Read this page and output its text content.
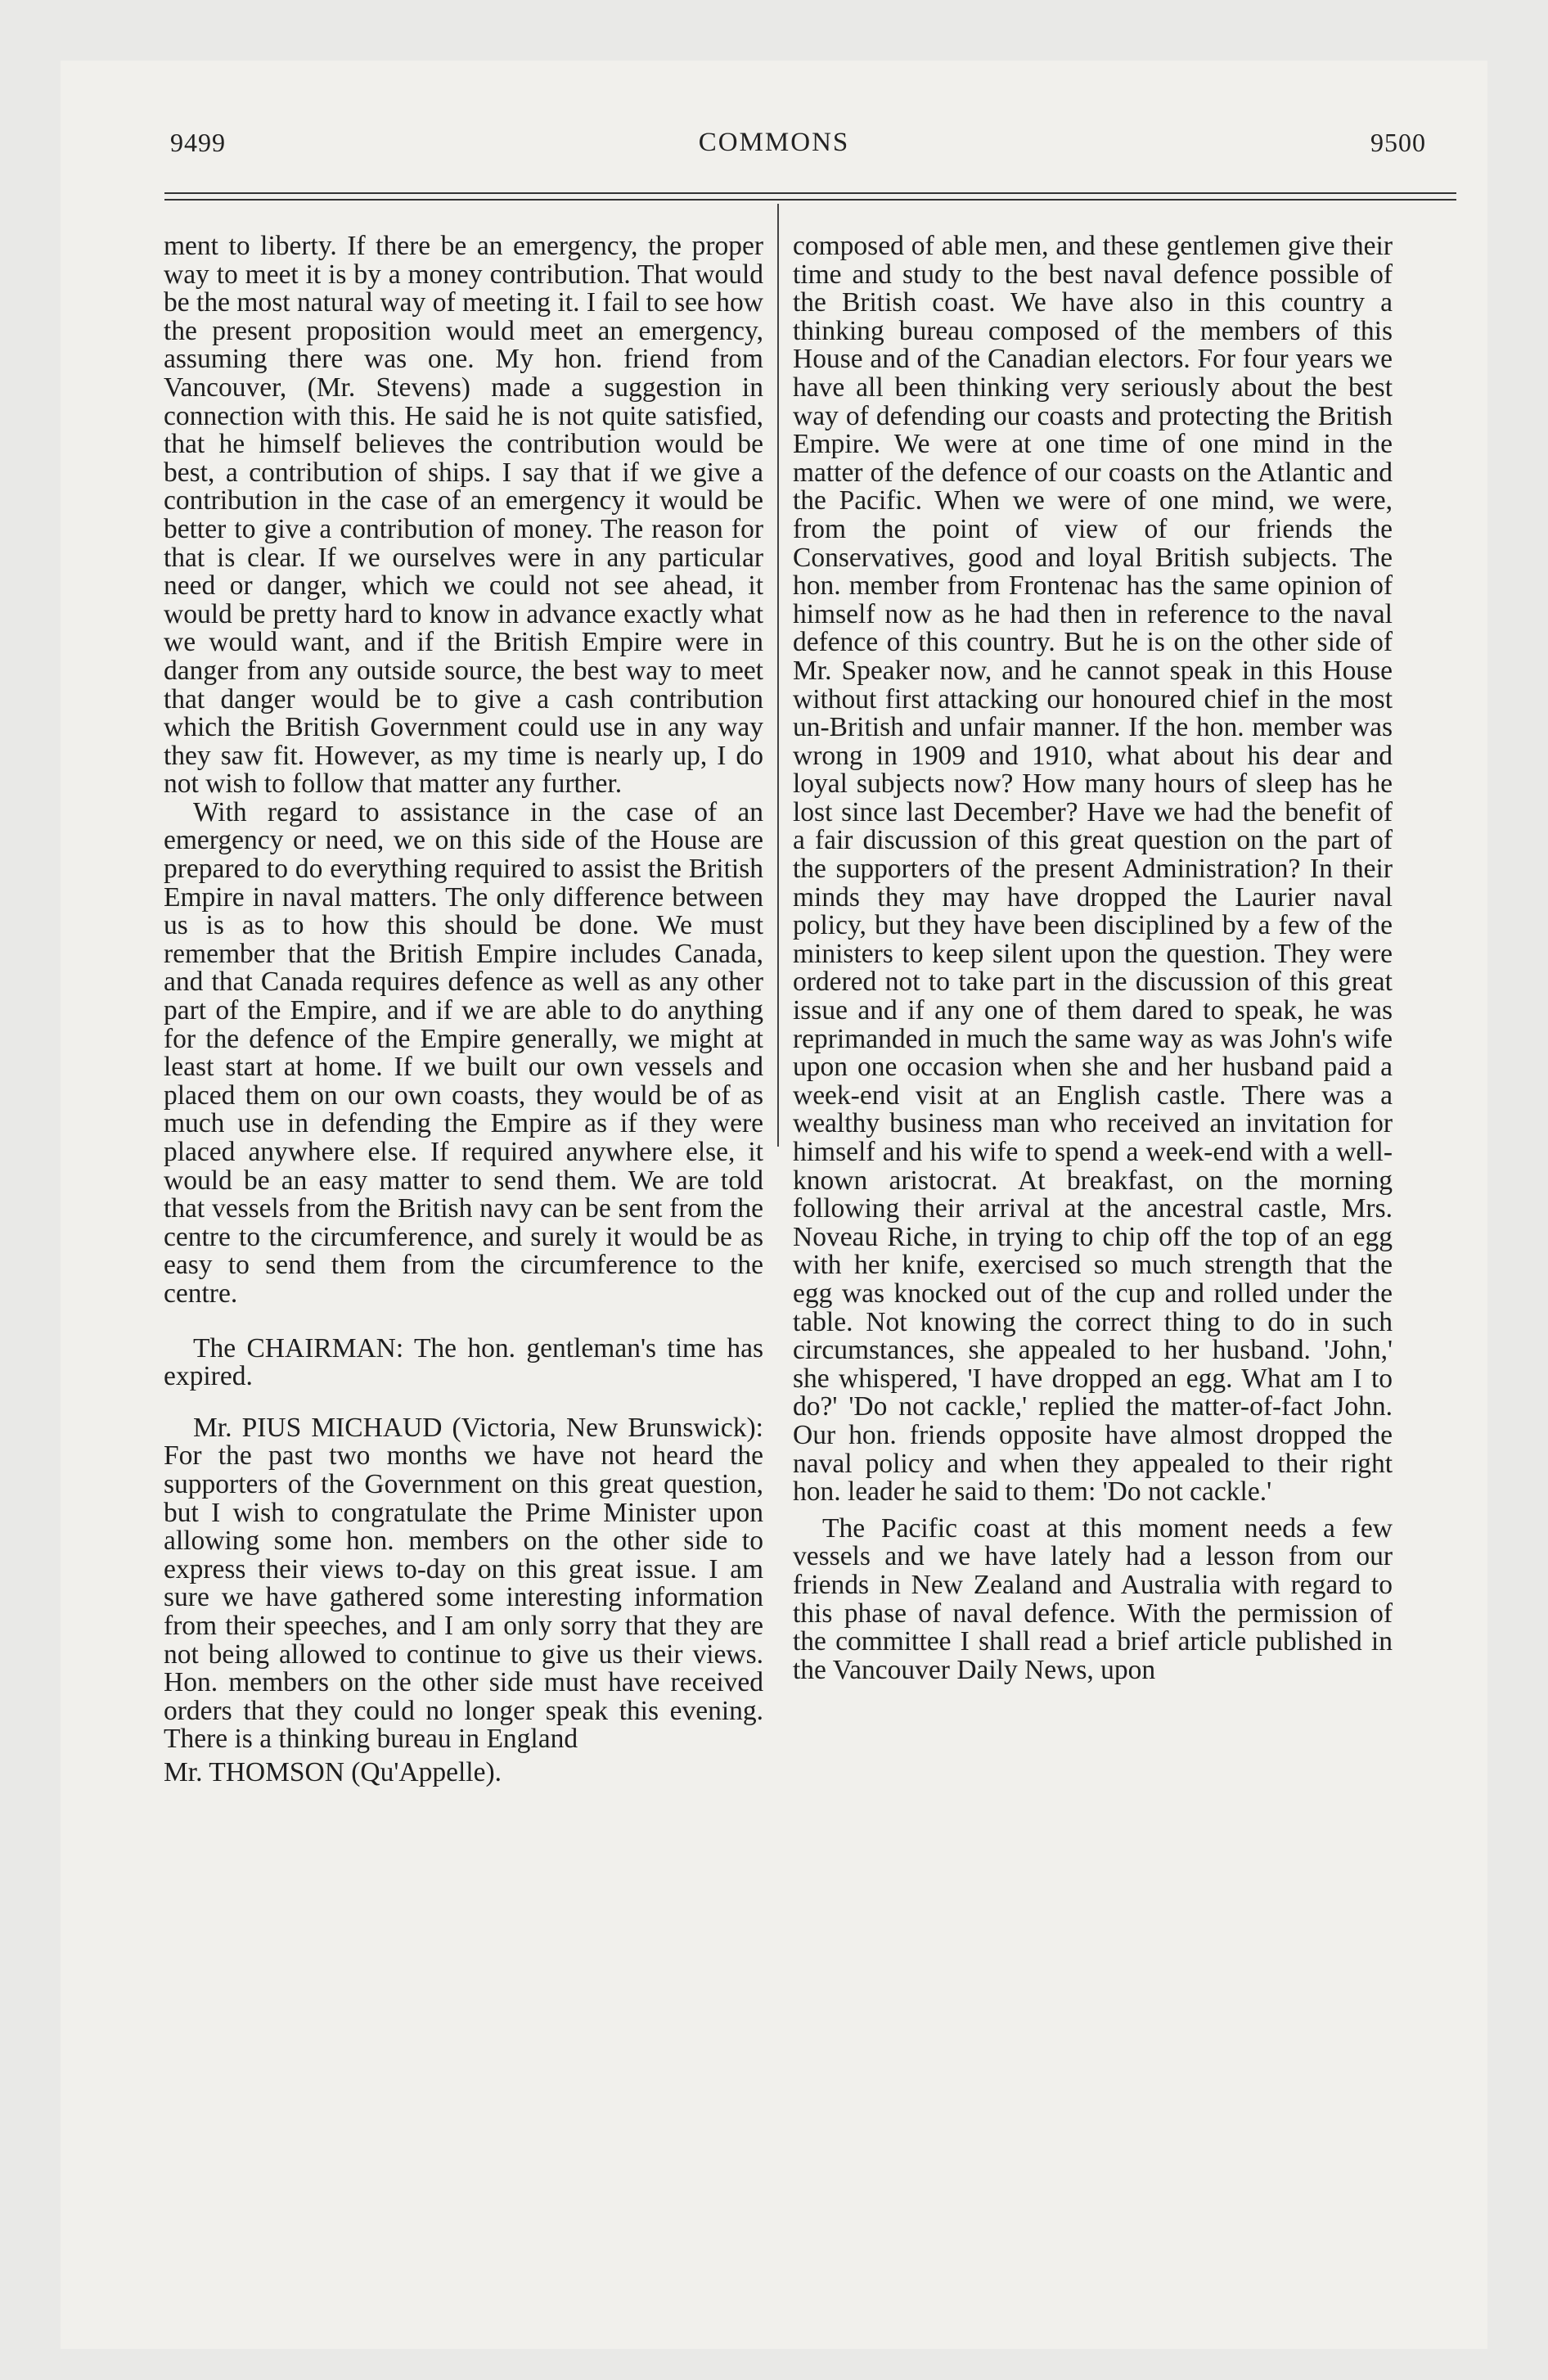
9499	COMMONS	9500

ment to liberty. If there be an emergency, the proper way to meet it is by a money contribution. That would be the most natural way of meeting it. I fail to see how the present proposition would meet an emergency, assuming there was one. My hon. friend from Vancouver, (Mr. Stevens) made a suggestion in connection with this. He said he is not quite satisfied, that he himself believes the contribution would be best, a contribution of ships. I say that if we give a contribution in the case of an emergency it would be better to give a contribution of money. The reason for that is clear. If we ourselves were in any particular need or danger, which we could not see ahead, it would be pretty hard to know in advance exactly what we would want, and if the British Empire were in danger from any outside source, the best way to meet that danger would be to give a cash contribution which the British Government could use in any way they saw fit. However, as my time is nearly up, I do not wish to follow that matter any further.

With regard to assistance in the case of an emergency or need, we on this side of the House are prepared to do everything required to assist the British Empire in naval matters. The only difference between us is as to how this should be done. We must remember that the British Empire includes Canada, and that Canada requires defence as well as any other part of the Empire, and if we are able to do anything for the defence of the Empire generally, we might at least start at home. If we built our own vessels and placed them on our own coasts, they would be of as much use in defending the Empire as if they were placed anywhere else. If required anywhere else, it would be an easy matter to send them. We are told that vessels from the British navy can be sent from the centre to the circumference, and surely it would be as easy to send them from the circumference to the centre.

The CHAIRMAN: The hon. gentleman's time has expired.

Mr. PIUS MICHAUD (Victoria, New Brunswick): For the past two months we have not heard the supporters of the Government on this great question, but I wish to congratulate the Prime Minister upon allowing some hon. members on the other side to express their views to-day on this great issue. I am sure we have gathered some interesting information from their speeches, and I am only sorry that they are not being allowed to continue to give us their views. Hon. members on the other side must have received orders that they could no longer speak this evening. There is a thinking bureau in England

Mr. THOMSON (Qu'Appelle).

composed of able men, and these gentlemen give their time and study to the best naval defence possible of the British coast. We have also in this country a thinking bureau composed of the members of this House and of the Canadian electors. For four years we have all been thinking very seriously about the best way of defending our coasts and protecting the British Empire. We were at one time of one mind in the matter of the defence of our coasts on the Atlantic and the Pacific. When we were of one mind, we were, from the point of view of our friends the Conservatives, good and loyal British subjects. The hon. member from Frontenac has the same opinion of himself now as he had then in reference to the naval defence of this country. But he is on the other side of Mr. Speaker now, and he cannot speak in this House without first attacking our honoured chief in the most un-British and unfair manner. If the hon. member was wrong in 1909 and 1910, what about his dear and loyal subjects now? How many hours of sleep has he lost since last December? Have we had the benefit of a fair discussion of this great question on the part of the supporters of the present Administration? In their minds they may have dropped the Laurier naval policy, but they have been disciplined by a few of the ministers to keep silent upon the question. They were ordered not to take part in the discussion of this great issue and if any one of them dared to speak, he was reprimanded in much the same way as was John's wife upon one occasion when she and her husband paid a week-end visit at an English castle. There was a wealthy business man who received an invitation for himself and his wife to spend a week-end with a well-known aristocrat. At breakfast, on the morning following their arrival at the ancestral castle, Mrs. Noveau Riche, in trying to chip off the top of an egg with her knife, exercised so much strength that the egg was knocked out of the cup and rolled under the table. Not knowing the correct thing to do in such circumstances, she appealed to her husband. 'John,' she whispered, 'I have dropped an egg. What am I to do?' 'Do not cackle,' replied the matter-of-fact John. Our hon. friends opposite have almost dropped the naval policy and when they appealed to their right hon. leader he said to them: 'Do not cackle.'

The Pacific coast at this moment needs a few vessels and we have lately had a lesson from our friends in New Zealand and Australia with regard to this phase of naval defence. With the permission of the committee I shall read a brief article published in the Vancouver Daily News, upon
